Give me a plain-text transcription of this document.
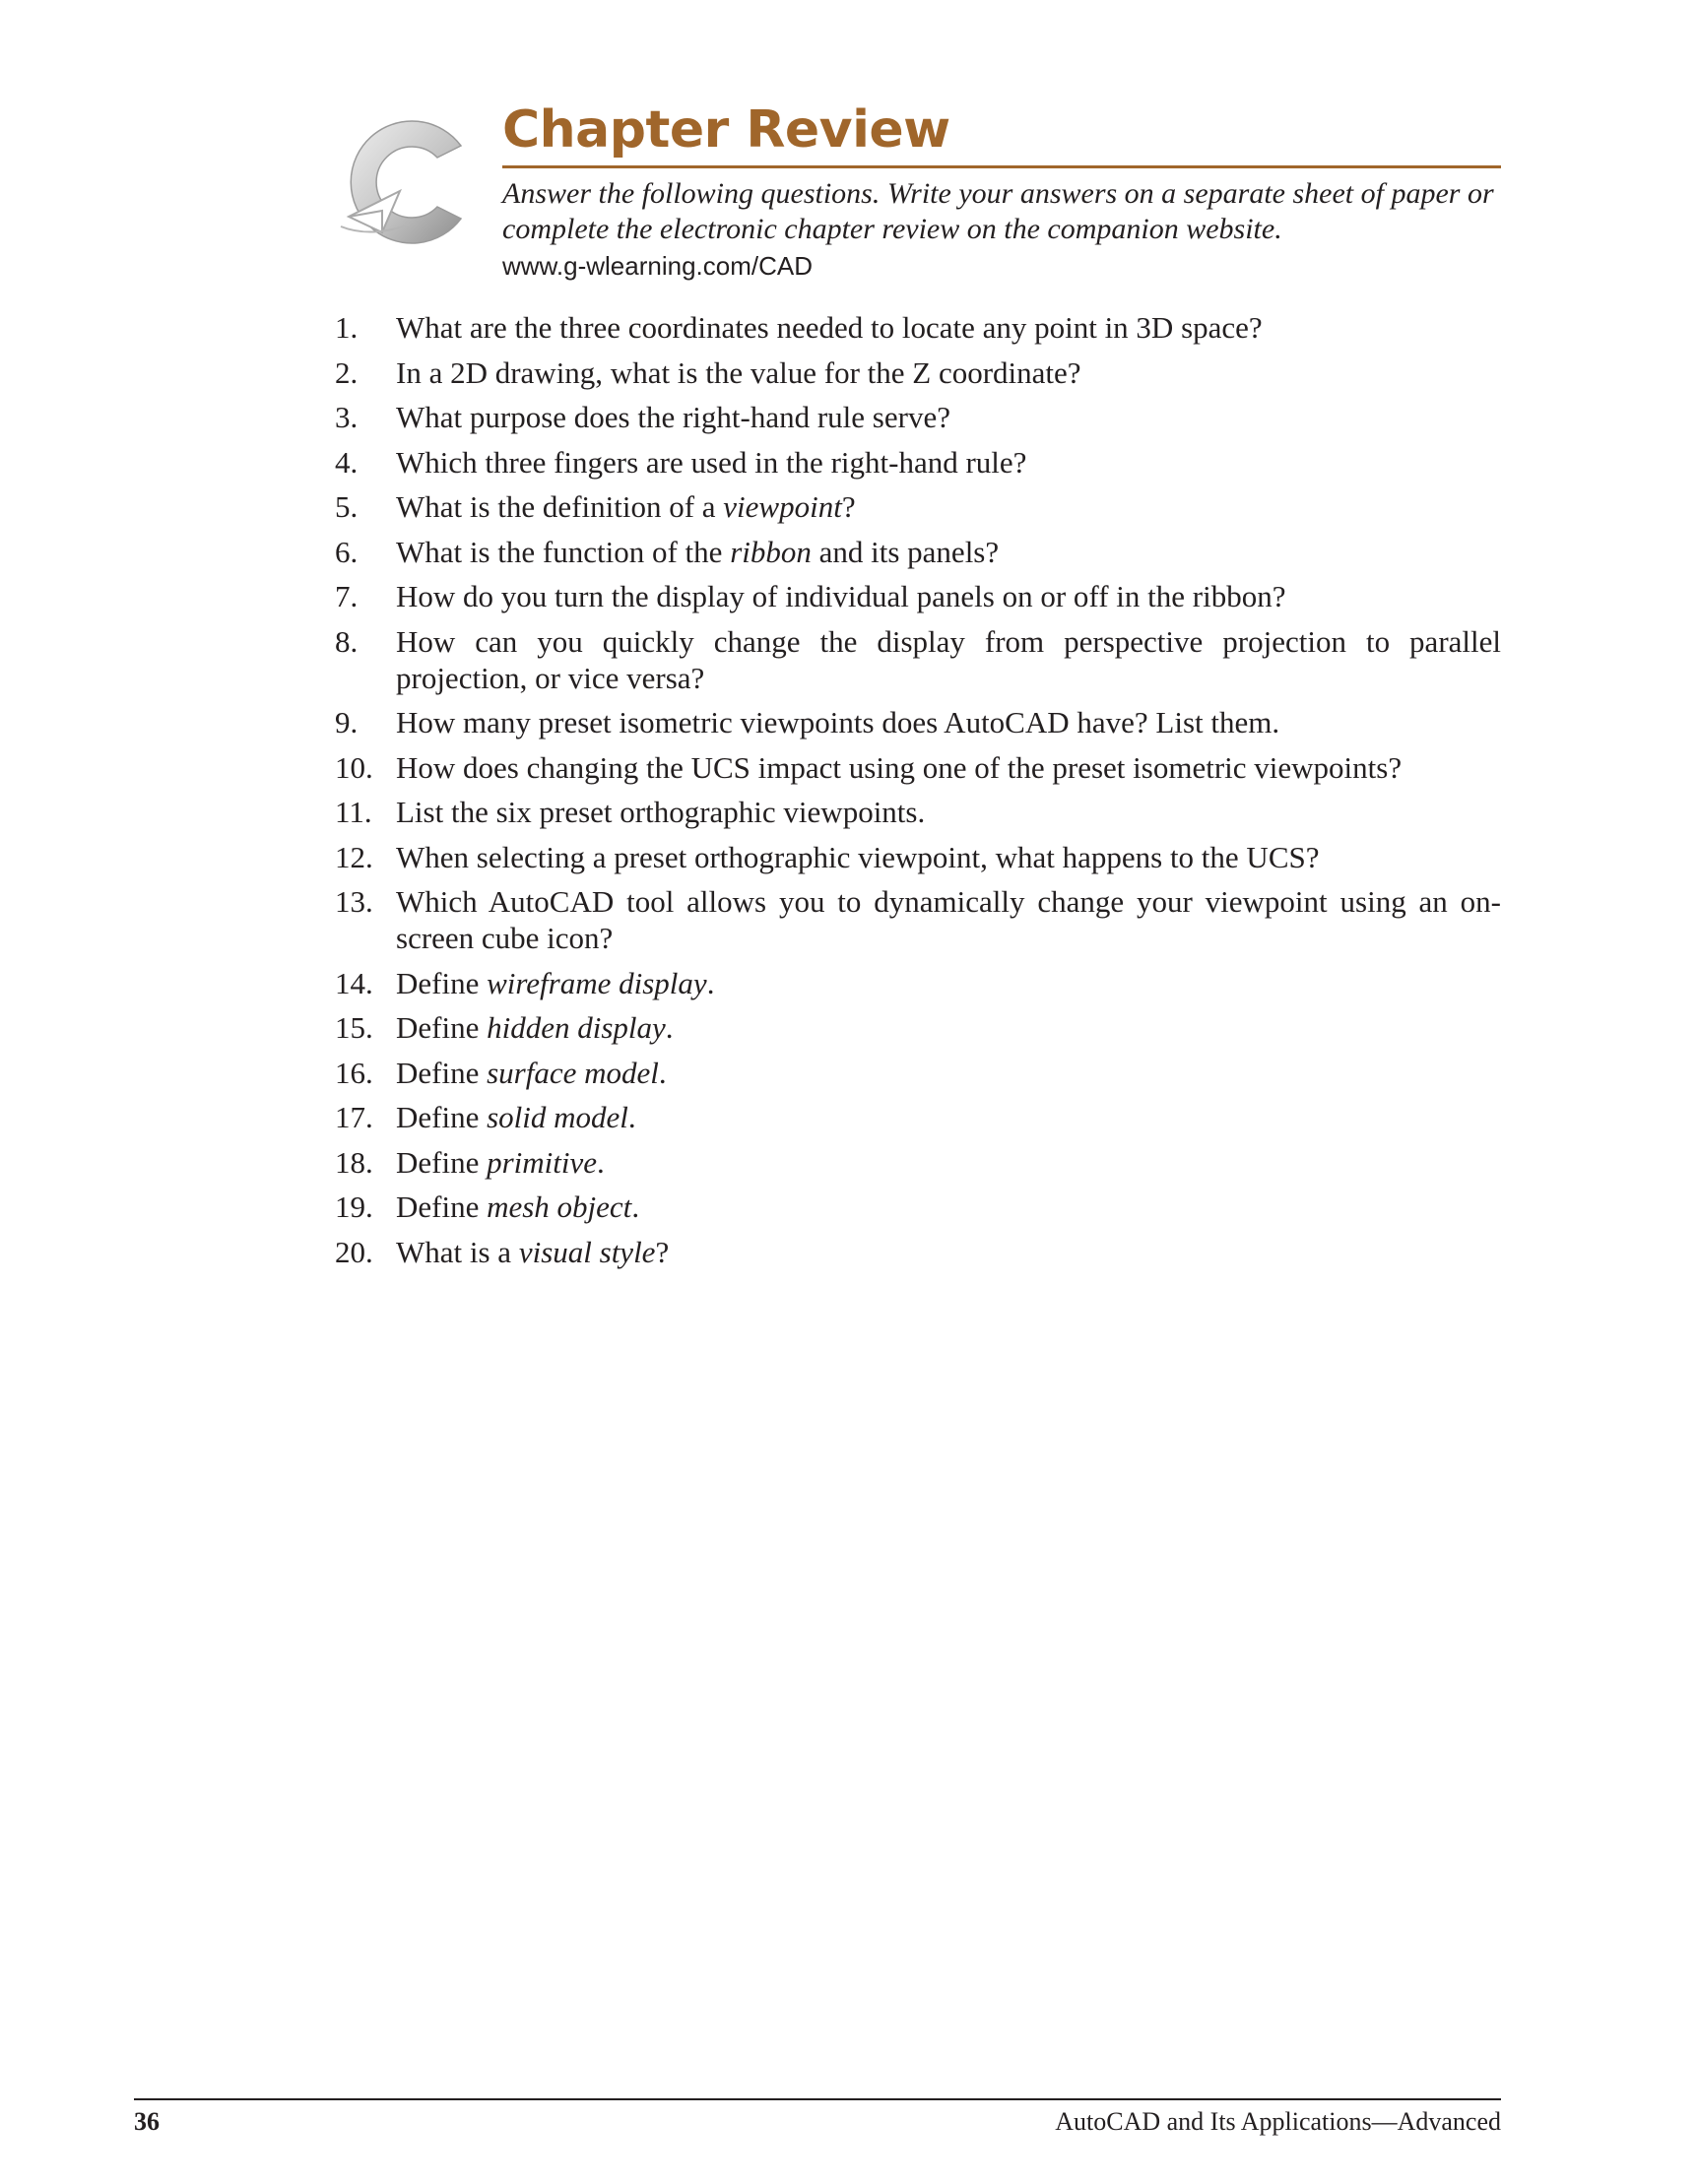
Chapter Review

Answer the following questions. Write your answers on a separate sheet of paper or complete the electronic chapter review on the companion website.

www.g-wlearning.com/CAD

1.	What are the three coordinates needed to locate any point in 3D space?
2.	In a 2D drawing, what is the value for the Z coordinate?
3.	What purpose does the right-hand rule serve?
4.	Which three fingers are used in the right-hand rule?
5.	What is the definition of a viewpoint?
6.	What is the function of the ribbon and its panels?
7.	How do you turn the display of individual panels on or off in the ribbon?
8.	How can you quickly change the display from perspective projection to parallel projection, or vice versa?
9.	How many preset isometric viewpoints does AutoCAD have? List them.
10. How does changing the UCS impact using one of the preset isometric viewpoints?
11. List the six preset orthographic viewpoints.
12. When selecting a preset orthographic viewpoint, what happens to the UCS?
13. Which AutoCAD tool allows you to dynamically change your viewpoint using an on-screen cube icon?
14. Define wireframe display.
15. Define hidden display.
16. Define surface model.
17. Define solid model.
18. Define primitive.
19. Define mesh object.
20. What is a visual style?
36	AutoCAD and Its Applications—Advanced
